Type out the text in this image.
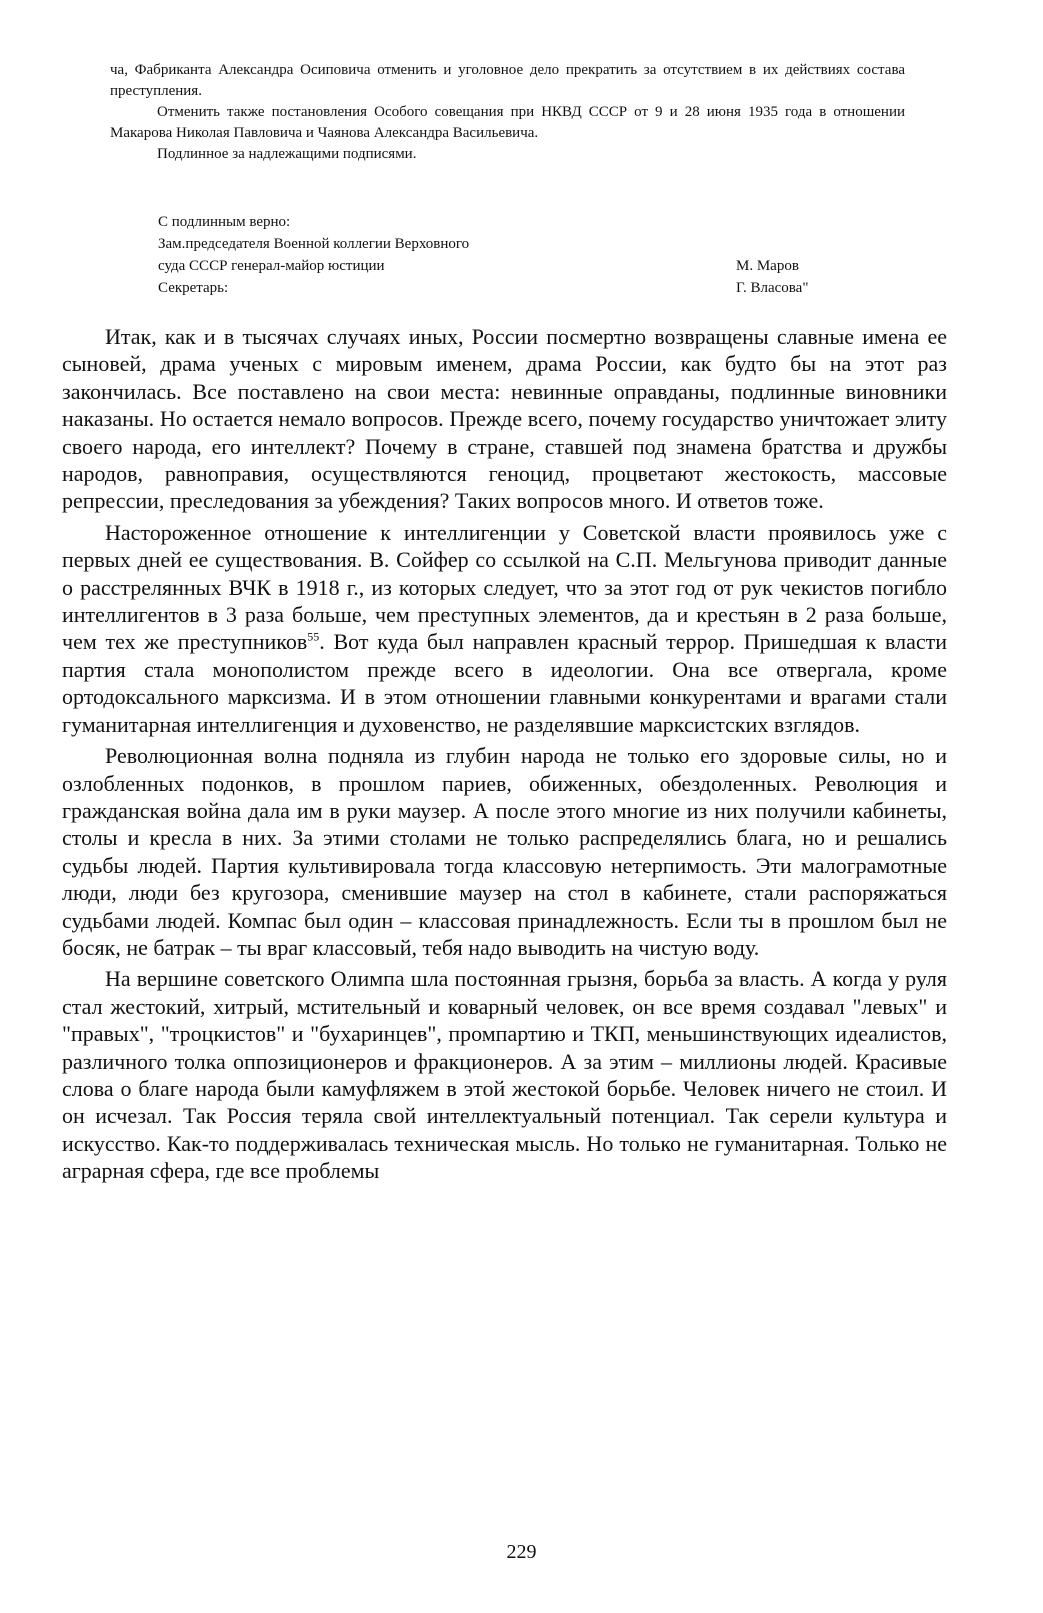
ча, Фабриканта Александра Осиповича отменить и уголовное дело прекратить за отсутствием в их действиях состава преступления.

Отменить также постановления Особого совещания при НКВД СССР от 9 и 28 июня 1935 года в отношении Макарова Николая Павловича и Чаянова Александра Васильевича.

Подлинное за надлежащими подписями.

С подлинным верно:
Зам.председателя Военной коллегии Верховного
суда СССР генерал-майор юстиции	М. Маров
Секретарь:	Г. Власова"

Итак, как и в тысячах случаях иных, России посмертно возвращены славные имена ее сыновей, драма ученых с мировым именем, драма России, как будто бы на этот раз закончилась. Все поставлено на свои места: невинные оправданы, подлинные виновники наказаны. Но остается немало вопросов. Прежде всего, почему государство уничтожает элиту своего народа, его интеллект? Почему в стране, ставшей под знамена братства и дружбы народов, равноправия, осуществляются геноцид, процветают жестокость, массовые репрессии, преследования за убеждения? Таких вопросов много. И ответов тоже.

Настороженное отношение к интеллигенции у Советской власти проявилось уже с первых дней ее существования. В. Сойфер со ссылкой на С.П. Мельгунова приводит данные о расстрелянных ВЧК в 1918 г., из которых следует, что за этот год от рук чекистов погибло интеллигентов в 3 раза больше, чем преступных элементов, да и крестьян в 2 раза больше, чем тех же преступников$^{55}$. Вот куда был направлен красный террор. Пришедшая к власти партия стала монополистом прежде всего в идеологии. Она все отвергала, кроме ортодоксального марксизма. И в этом отношении главными конкурентами и врагами стали гуманитарная интеллигенция и духовенство, не разделявшие марксистских взглядов.

Революционная волна подняла из глубин народа не только его здоровые силы, но и озлобленных подонков, в прошлом париев, обиженных, обездоленных. Революция и гражданская война дала им в руки маузер. А после этого многие из них получили кабинеты, столы и кресла в них. За этими столами не только распределялись блага, но и решались судьбы людей. Партия культивировала тогда классовую нетерпимость. Эти малограмотные люди, люди без кругозора, сменившие маузер на стол в кабинете, стали распоряжаться судьбами людей. Компас был один – классовая принадлежность. Если ты в прошлом был не босяк, не батрак – ты враг классовый, тебя надо выводить на чистую воду.

На вершине советского Олимпа шла постоянная грызня, борьба за власть. А когда у руля стал жестокий, хитрый, мстительный и коварный человек, он все время создавал "левых" и "правых", "троцкистов" и "бухаринцев", промпартию и ТКП, меньшинствующих идеалистов, различного толка оппозиционеров и фракционеров. А за этим – миллионы людей. Красивые слова о благе народа были камуфляжем в этой жестокой борьбе. Человек ничего не стоил. И он исчезал. Так Россия теряла свой интеллектуальный потенциал. Так серели культура и искусство. Как-то поддерживалась техническая мысль. Но только не гуманитарная. Только не аграрная сфера, где все проблемы

229
